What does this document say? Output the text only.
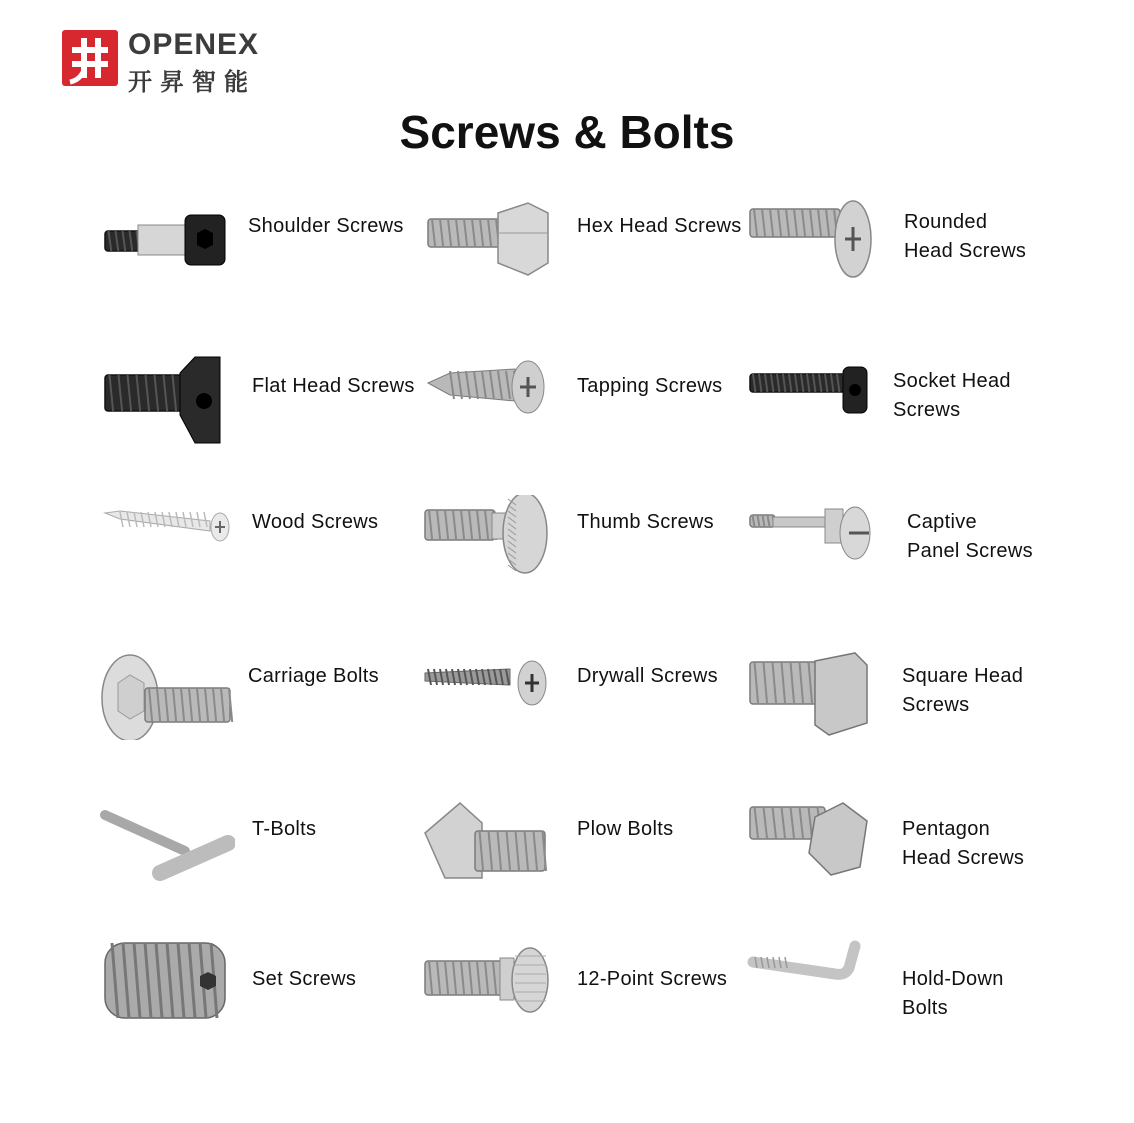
OPENEX
开昇智能
Screws & Bolts
Shoulder Screws	Hex Head Screws	Rounded
Head Screws
Flat Head Screws	Tapping Screws	Socket Head
Screws
Wood Screws	Thumb Screws	Captive
Panel Screws
Carriage Bolts	Drywall Screws	Square Head
Screws
T-Bolts	Plow Bolts	Pentagon
Head Screws
Set Screws	12-Point Screws	Hold-Down
Bolts
